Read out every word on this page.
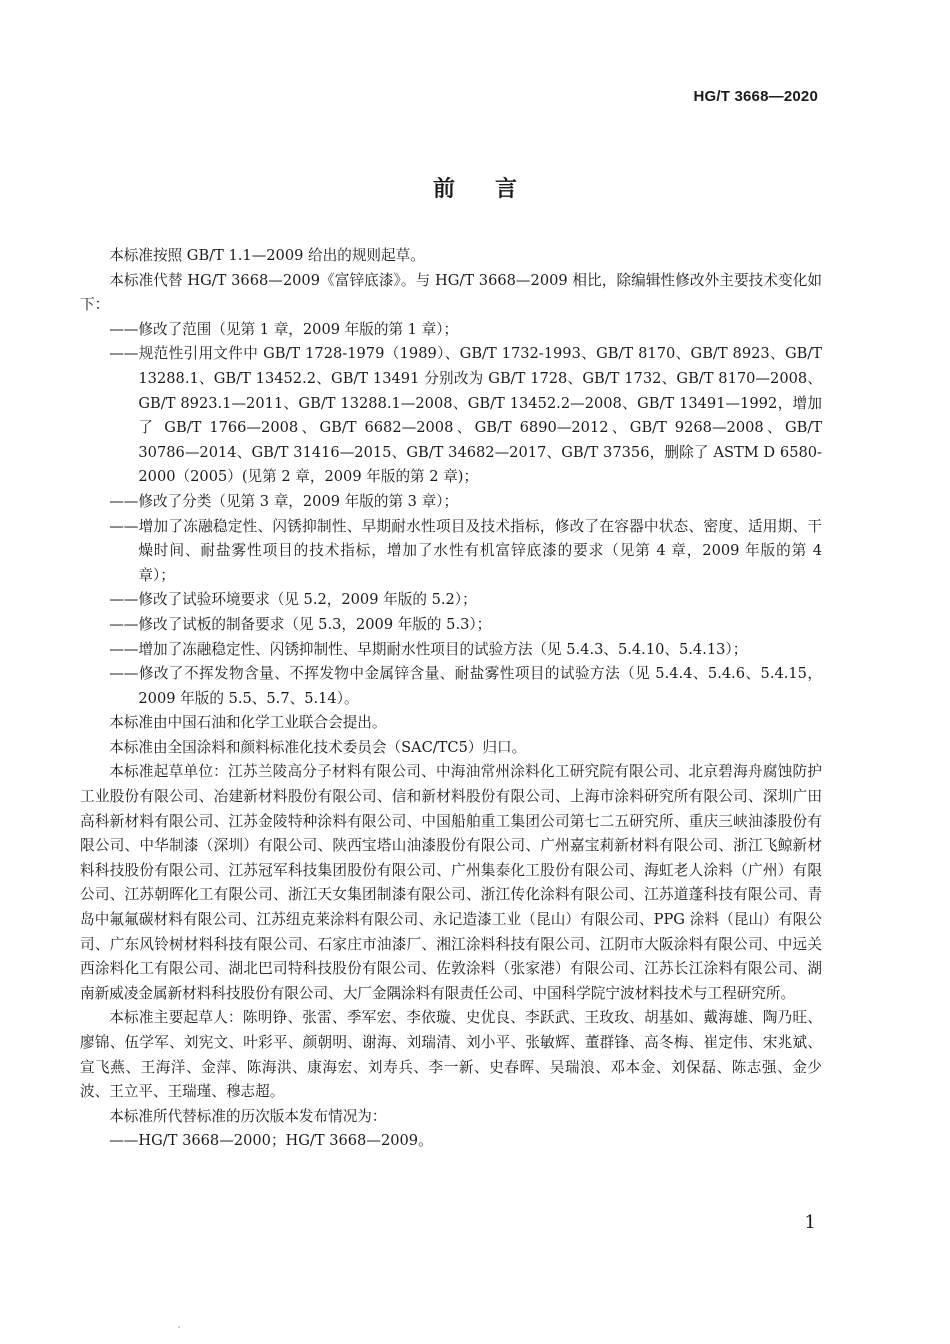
HG/T 3668—2020
前言

本标准按照 GB/T 1.1—2009 给出的规则起草。

本标准代替 HG/T 3668—2009《富锌底漆》。与 HG/T 3668—2009 相比，除编辑性修改外主要技术变化如下：

——修改了范围（见第 1 章，2009 年版的第 1 章）；

——规范性引用文件中 GB/T 1728-1979（1989）、GB/T 1732-1993、GB/T 8170、GB/T 8923、GB/T 13288.1、GB/T 13452.2、GB/T 13491 分别改为 GB/T 1728、GB/T 1732、GB/T 8170—2008、GB/T 8923.1—2011、GB/T 13288.1—2008、GB/T 13452.2—2008、GB/T 13491—1992，增加了 GB/T 1766—2008、GB/T 6682—2008、GB/T 6890—2012、GB/T 9268—2008、GB/T 30786—2014、GB/T 31416—2015、GB/T 34682—2017、GB/T 37356，删除了 ASTM D 6580-2000（2005）(见第 2 章，2009 年版的第 2 章)；

——修改了分类（见第 3 章，2009 年版的第 3 章）；

——增加了冻融稳定性、闪锈抑制性、早期耐水性项目及技术指标，修改了在容器中状态、密度、适用期、干燥时间、耐盐雾性项目的技术指标，增加了水性有机富锌底漆的要求（见第 4 章，2009 年版的第 4 章）；

——修改了试验环境要求（见 5.2，2009 年版的 5.2）；

——修改了试板的制备要求（见 5.3，2009 年版的 5.3）；

——增加了冻融稳定性、闪锈抑制性、早期耐水性项目的试验方法（见 5.4.3、5.4.10、5.4.13）；

——修改了不挥发物含量、不挥发物中金属锌含量、耐盐雾性项目的试验方法（见 5.4.4、5.4.6、5.4.15，2009 年版的 5.5、5.7、5.14）。

本标准由中国石油和化学工业联合会提出。

本标准由全国涂料和颜料标准化技术委员会（SAC/TC5）归口。

本标准起草单位：江苏兰陵高分子材料有限公司、中海油常州涂料化工研究院有限公司、北京碧海舟腐蚀防护工业股份有限公司、冶建新材料股份有限公司、信和新材料股份有限公司、上海市涂料研究所有限公司、深圳广田高科新材料有限公司、江苏金陵特种涂料有限公司、中国船舶重工集团公司第七二五研究所、重庆三峡油漆股份有限公司、中华制漆（深圳）有限公司、陕西宝塔山油漆股份有限公司、广州嘉宝莉新材料有限公司、浙江飞鲸新材料科技股份有限公司、江苏冠军科技集团股份有限公司、广州集泰化工股份有限公司、海虹老人涂料（广州）有限公司、江苏朝晖化工有限公司、浙江天女集团制漆有限公司、浙江传化涂料有限公司、江苏道蓬科技有限公司、青岛中氟氟碳材料有限公司、江苏纽克莱涂料有限公司、永记造漆工业（昆山）有限公司、PPG 涂料（昆山）有限公司、广东风铃树材料科技有限公司、石家庄市油漆厂、湘江涂料科技有限公司、江阴市大阪涂料有限公司、中远关西涂料化工有限公司、湖北巴司特科技股份有限公司、佐敦涂料（张家港）有限公司、江苏长江涂料有限公司、湖南新威凌金属新材料科技股份有限公司、大厂金隅涂料有限责任公司、中国科学院宁波材料技术与工程研究所。

本标准主要起草人：陈明铮、张雷、季军宏、李依璇、史优良、李跃武、王玫玫、胡基如、戴海雄、陶乃旺、廖锦、伍学军、刘宪文、叶彩平、颜朝明、谢海、刘瑞清、刘小平、张敏辉、董群锋、高冬梅、崔定伟、宋兆斌、宣飞燕、王海洋、金萍、陈海洪、康海宏、刘寿兵、李一新、史春晖、吴瑞浪、邓本金、刘保磊、陈志强、金少波、王立平、王瑞瑾、穆志超。

本标准所代替标准的历次版本发布情况为：

——HG/T 3668—2000；HG/T 3668—2009。

1
